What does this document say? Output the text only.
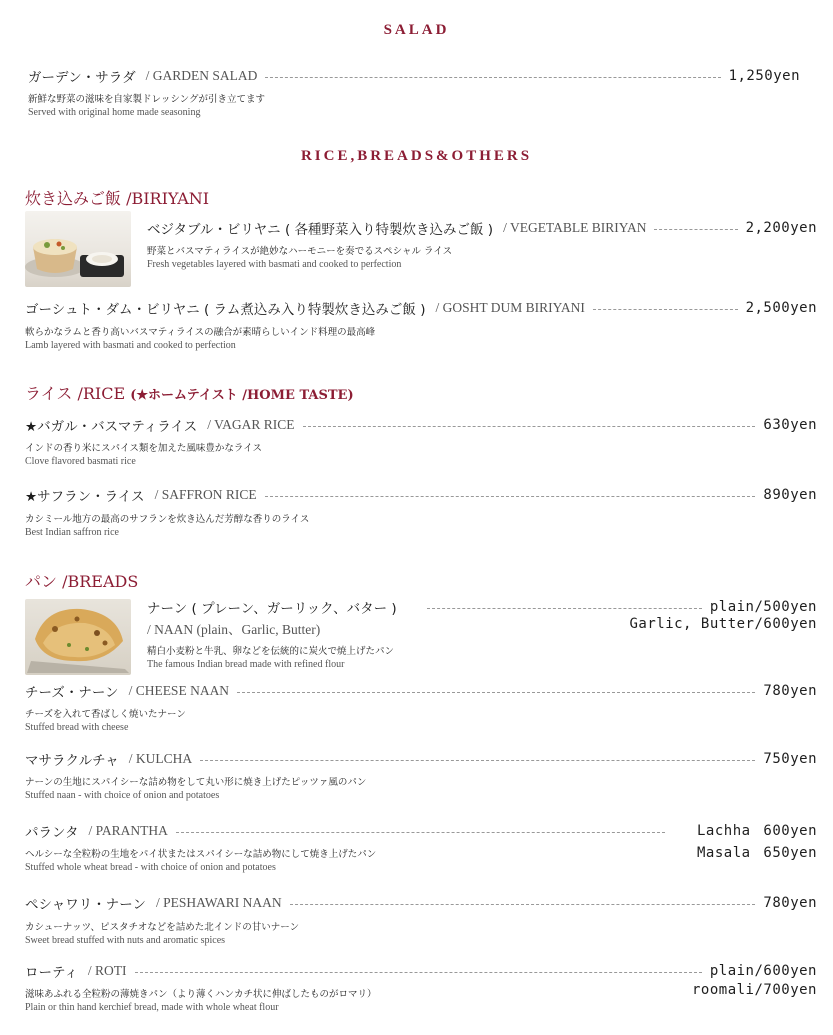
SALAD
ガーデン・サラダ / GARDEN SALAD	1,250yen
新鮮な野菜の滋味を自家製ドレッシングが引き立てます
Served with original home made seasoning
RICE,BREADS&OTHERS
炊き込みご飯 /BIRIYANI
ベジタブル・ビリヤニ ( 各種野菜入り特製炊き込みご飯 ) / VEGETABLE BIRIYAN	2,200yen
野菜とバスマティライスが絶妙なハーモニーを奏でるスペシャル ライス
Fresh vegetables layered with basmati and cooked to perfection
ゴーシュト・ダム・ビリヤニ ( ラム煮込み入り特製炊き込みご飯 ) / GOSHT DUM BIRIYANI	2,500yen
軟らかなラムと香り高いバスマティライスの融合が素晴らしいインド料理の最高峰
Lamb layered with basmati and cooked to perfection
ライス /RICE (★ホームテイスト /HOME TASTE)
★バガル・バスマティライス / VAGAR RICE	630yen
インドの香り米にスパイス類を加えた風味豊かなライス
Clove flavored basmati rice
★サフラン・ライス / SAFFRON RICE	890yen
カシミール地方の最高のサフランを炊き込んだ芳醇な香りのライス
Best Indian saffron rice
パン /BREADS
ナーン ( プレーン、ガーリック、バター )	plain/500yen
/ NAAN (plain、Garlic, Butter)	Garlic, Butter/600yen
精白小麦粉と牛乳、卵などを伝統的に炭火で焼上げたパン
The famous Indian bread made with refined flour
チーズ・ナーン / CHEESE NAAN	780yen
チーズを入れて香ばしく焼いたナーン
Stuffed bread with cheese
マサラクルチャ / KULCHA	750yen
ナーンの生地にスパイシーな詰め物をして丸い形に焼き上げたピッツァ風のパン
Stuffed naan - with choice of onion and potatoes
パランタ / PARANTHA	Lachha 600yen
Masala 650yen
ヘルシーな全粒粉の生地をパイ状またはスパイシーな詰め物にして焼き上げたパン
Stuffed whole wheat bread - with choice of onion and potatoes
ペシャワリ・ナーン / PESHAWARI NAAN	780yen
カシューナッツ、ピスタチオなどを詰めた北インドの甘いナーン
Sweet bread stuffed with nuts and aromatic spices
ローティ / ROTI	plain/600yen
roomali/700yen
滋味あふれる全粒粉の薄焼きパン（より薄くハンカチ状に伸ばしたものがロマリ）
Plain or thin hand kerchief bread, made with whole wheat flour
